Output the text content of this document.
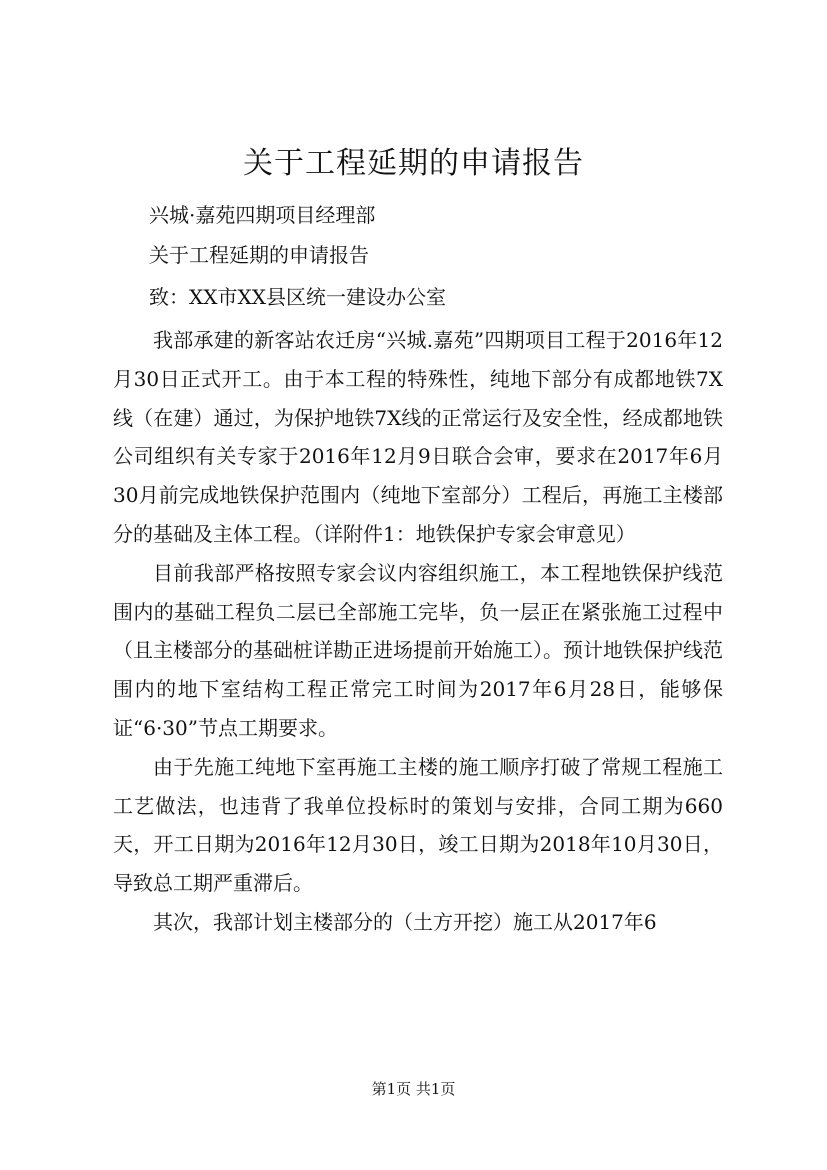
关于工程延期的申请报告
兴城·嘉苑四期项目经理部
关于工程延期的申请报告
致：XX市XX县区统一建设办公室

我部承建的新客站农迁房“兴城.嘉苑”四期项目工程于2016年12月30日正式开工。由于本工程的特殊性，纯地下部分有成都地铁7X线（在建）通过，为保护地铁7X线的正常运行及安全性，经成都地铁公司组织有关专家于2016年12月9日联合会审，要求在2017年6月30月前完成地铁保护范围内（纯地下室部分）工程后，再施工主楼部分的基础及主体工程。（详附件1：地铁保护专家会审意见）

目前我部严格按照专家会议内容组织施工，本工程地铁保护线范围内的基础工程负二层已全部施工完毕，负一层正在紧张施工过程中（且主楼部分的基础桩详勘正进场提前开始施工）。预计地铁保护线范围内的地下室结构工程正常完工时间为2017年6月28日，能够保证“6·30”节点工期要求。

由于先施工纯地下室再施工主楼的施工顺序打破了常规工程施工工艺做法，也违背了我单位投标时的策划与安排，合同工期为660天，开工日期为2016年12月30日，竣工日期为2018年10月30日，导致总工期严重滞后。

其次，我部计划主楼部分的（土方开挖）施工从2017年6

第1页 共1页
